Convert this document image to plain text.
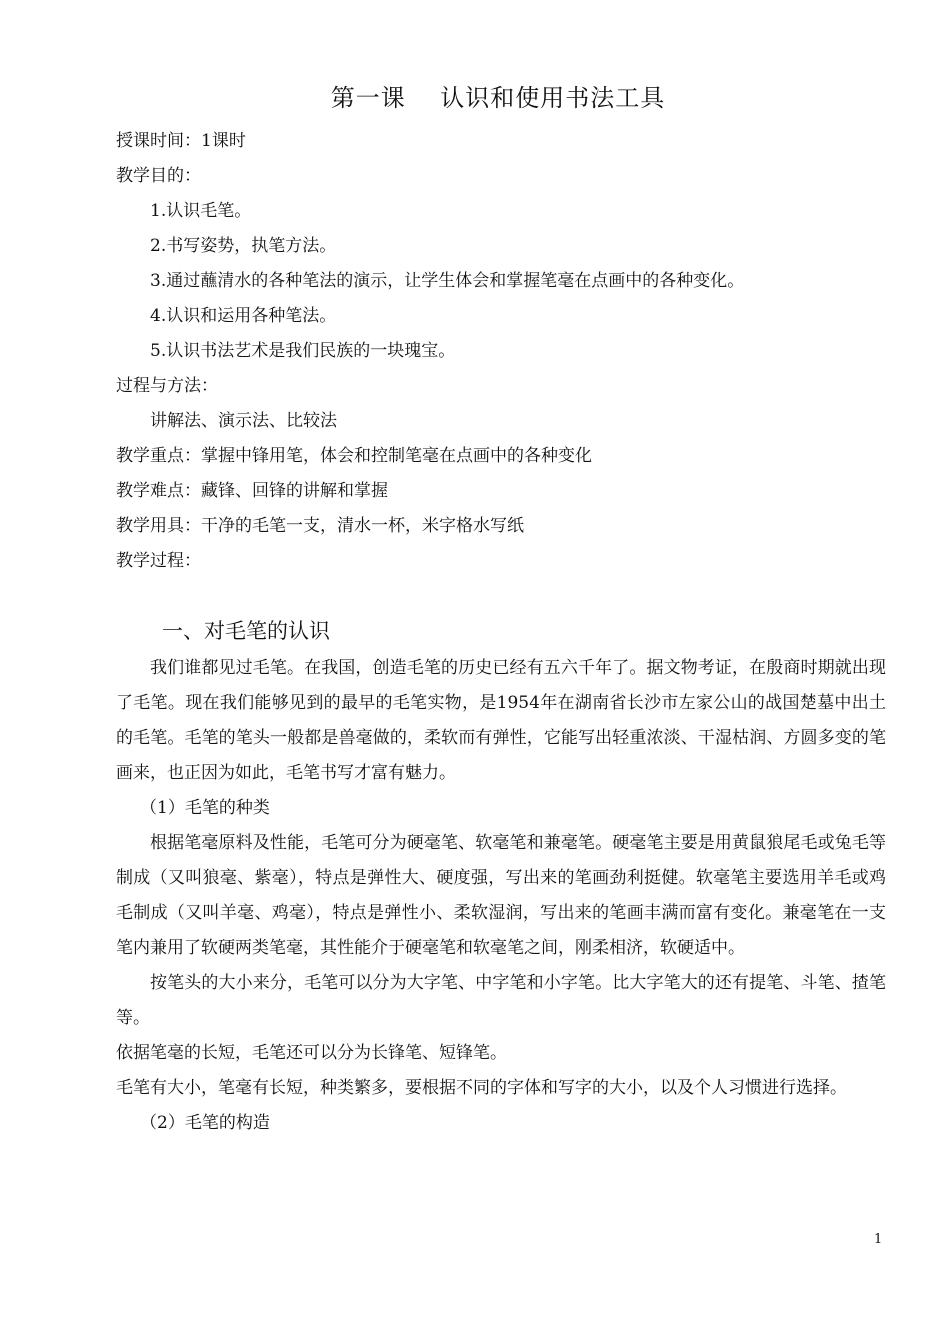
第一课    认识和使用书法工具
授课时间：1课时
教学目的：
1.认识毛笔。
2.书写姿势，执笔方法。
3.通过蘸清水的各种笔法的演示，让学生体会和掌握笔毫在点画中的各种变化。
4.认识和运用各种笔法。
5.认识书法艺术是我们民族的一块瑰宝。
过程与方法：
讲解法、演示法、比较法
教学重点：掌握中锋用笔，体会和控制笔毫在点画中的各种变化
教学难点：藏锋、回锋的讲解和掌握
教学用具：干净的毛笔一支，清水一杯，米字格水写纸
教学过程：
一、对毛笔的认识

我们谁都见过毛笔。在我国，创造毛笔的历史已经有五六千年了。据文物考证，在殷商时期就出现了毛笔。现在我们能够见到的最早的毛笔实物，是1954年在湖南省长沙市左家公山的战国楚墓中出土的毛笔。毛笔的笔头一般都是兽毫做的，柔软而有弹性，它能写出轻重浓淡、干湿枯润、方圆多变的笔画来，也正因为如此，毛笔书写才富有魅力。

（1）毛笔的种类

根据笔毫原料及性能，毛笔可分为硬毫笔、软毫笔和兼毫笔。硬毫笔主要是用黄鼠狼尾毛或兔毛等制成（又叫狼毫、紫毫），特点是弹性大、硬度强，写出来的笔画劲利挺健。软毫笔主要选用羊毛或鸡毛制成（又叫羊毫、鸡毫），特点是弹性小、柔软湿润，写出来的笔画丰满而富有变化。兼毫笔在一支笔内兼用了软硬两类笔毫，其性能介于硬毫笔和软毫笔之间，刚柔相济，软硬适中。

按笔头的大小来分，毛笔可以分为大字笔、中字笔和小字笔。比大字笔大的还有提笔、斗笔、揸笔等。

依据笔毫的长短，毛笔还可以分为长锋笔、短锋笔。

毛笔有大小，笔毫有长短，种类繁多，要根据不同的字体和写字的大小，以及个人习惯进行选择。

（2）毛笔的构造
1
